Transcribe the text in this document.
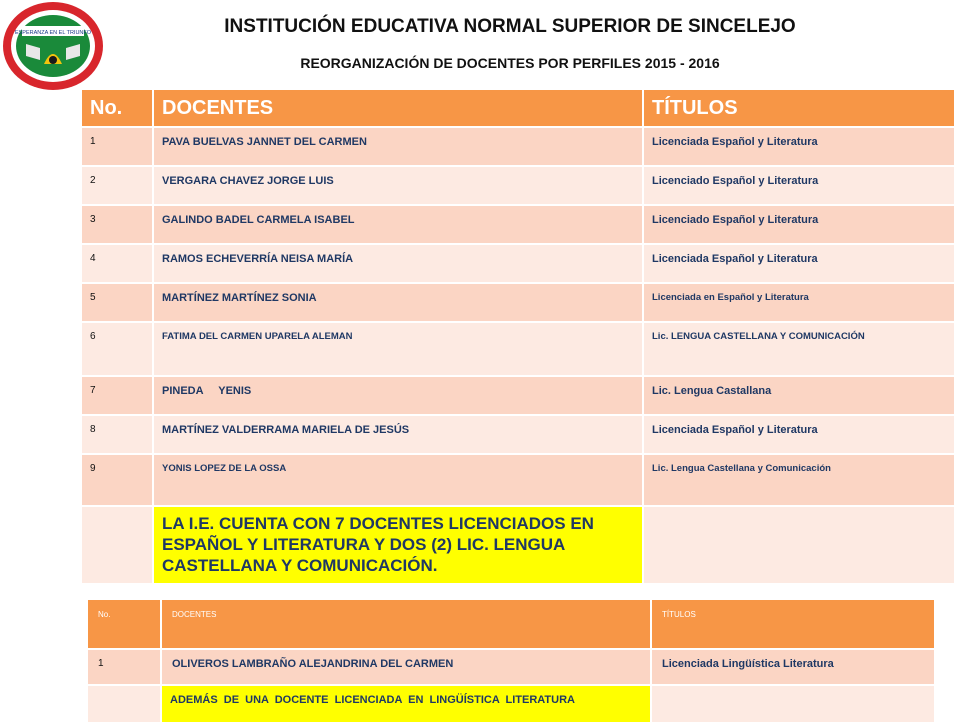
ESPERANZA EN EL TRIUNFO	INSTITUCIÓN EDUCATIVA NORMAL SUPERIOR DE SINCELEJO
REORGANIZACIÓN DE DOCENTES POR PERFILES 2015 - 2016
No.	DOCENTES	TÍTULOS
1	PAVA BUELVAS JANNET DEL CARMEN	Licenciada Español y Literatura
2	VERGARA CHAVEZ JORGE LUIS	Licenciado Español y Literatura
3	GALINDO BADEL CARMELA ISABEL	Licenciado Español y Literatura
4	RAMOS ECHEVERRÍA NEISA MARÍA	Licenciada Español y Literatura
5	MARTÍNEZ MARTÍNEZ SONIA	Licenciada en Español y Literatura
6	FATIMA DEL CARMEN UPARELA ALEMAN	Lic. LENGUA CASTELLANA Y COMUNICACIÓN
7	PINEDA     YENIS	Lic. Lengua Castallana
8	MARTÍNEZ VALDERRAMA MARIELA DE JESÚS	Licenciada Español y Literatura
9	YONIS LOPEZ DE LA OSSA	Lic. Lengua Castellana y Comunicación
	LA I.E. CUENTA CON 7 DOCENTES LICENCIADOS EN ESPAÑOL Y LITERATURA Y DOS (2) LIC. LENGUA CASTELLANA Y COMUNICACIÓN.	
No.	DOCENTES	TÍTULOS
1	OLIVEROS LAMBRAÑO ALEJANDRINA DEL CARMEN	Licenciada Lingüística Literatura
	ADEMÁS  DE  UNA  DOCENTE  LICENCIADA  EN  LINGÜÍSTICA  LITERATURA	
